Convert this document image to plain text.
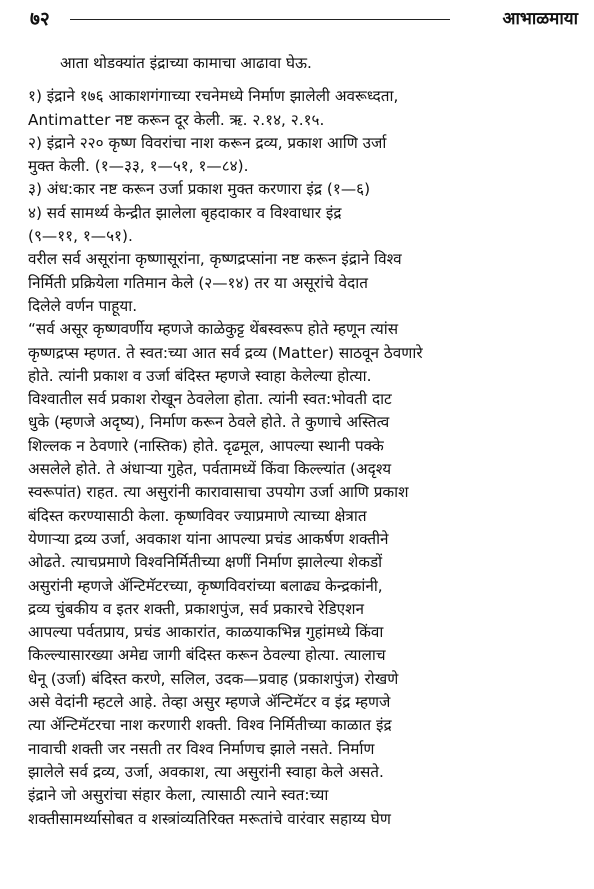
७२	आभाळमाया

आता थोडक्यांत इंद्राच्या कामाचा आढावा घेऊ.

१) इंद्राने १७६ आकाशगंगाच्या रचनेमध्ये निर्माण झालेली अवरूध्दता,

Antimatter नष्ट करून दूर केली. ऋ. २.१४, २.१५.

२) इंद्राने २२० कृष्ण विवरांचा नाश करून द्रव्य, प्रकाश आणि उर्जा

मुक्त केली. (१—३३, १—५१, १—८४).

३) अंध:कार नष्ट करून उर्जा प्रकाश मुक्त करणारा इंद्र (१—६)

४) सर्व सामर्थ्य केन्द्रीत झालेला बृहदाकार व विश्वाधार इंद्र

(९—११, १—५१).

वरील सर्व असूरांना कृष्णासूरांना, कृष्णद्रप्सांना नष्ट करून इंद्राने विश्व

निर्मिती प्रक्रियेला गतिमान केले (२—१४) तर या असूरांचे वेदात

दिलेले वर्णन पाहूया.

“सर्व असूर कृष्णवर्णीय म्हणजे काळेकुट्ट थेंबस्वरूप होते म्हणून त्यांस

कृष्णद्रप्स म्हणत. ते स्वत:च्या आत सर्व द्रव्य (Matter) साठवून ठेवणारे

होते. त्यांनी प्रकाश व उर्जा बंदिस्त म्हणजे स्वाहा केलेल्या होत्या.

विश्वातील सर्व प्रकाश रोखून ठेवलेला होता. त्यांनी स्वत:भोवती दाट

धुके (म्हणजे अदृष्य), निर्माण करून ठेवले होते. ते कुणाचे अस्तित्व

शिल्लक न ठेवणारे (नास्तिक) होते. दृढमूल, आपल्या स्थानी पक्के

असलेले होते. ते अंधाऱ्या गुहेत, पर्वतामध्यें किंवा किल्ल्यांत (अदृश्य

स्वरूपांत) राहत. त्या असुरांनी कारावासाचा उपयोग उर्जा आणि प्रकाश

बंदिस्त करण्यासाठी केला. कृष्णविवर ज्याप्रमाणे त्याच्या क्षेत्रात

येणाऱ्या द्रव्य उर्जा, अवकाश यांना आपल्या प्रचंड आकर्षण शक्तीने

ओढते. त्याचप्रमाणे विश्वनिर्मितीच्या क्षणीं निर्माण झालेल्या शेकडों

असुरांनी म्हणजे ॲन्टिमॅटरच्या, कृष्णविवरांच्या बलाढ्य केन्द्रकांनी,

द्रव्य चुंबकीय व इतर शक्ती, प्रकाशपुंज, सर्व प्रकारचे रेडिएशन

आपल्या पर्वतप्राय, प्रचंड आकारांत, काळयाकभिन्न गुहांमध्ये किंवा

किल्ल्यासारख्या अमेद्य जागी बंदिस्त करून ठेवल्या होत्या. त्यालाच

धेनू (उर्जा) बंदिस्त करणे, सलिल, उदक—प्रवाह (प्रकाशपुंज) रोखणे

असे वेदांनी म्हटले आहे. तेव्हा असुर म्हणजे ॲन्टिमॅटर व इंद्र म्हणजे

त्या ॲन्टिमॅटरचा नाश करणारी शक्ती. विश्व निर्मितीच्या काळात इंद्र

नावाची शक्ती जर नसती तर विश्व निर्माणच झाले नसते. निर्माण

झालेले सर्व द्रव्य, उर्जा, अवकाश, त्या असुरांनी स्वाहा केले असते.

इंद्राने जो असुरांचा संहार केला, त्यासाठी त्याने स्वत:च्या

शक्तीसामर्थ्यासोबत व शस्त्रांव्यतिरिक्त मरूतांचे वारंवार सहाय्य घेण
